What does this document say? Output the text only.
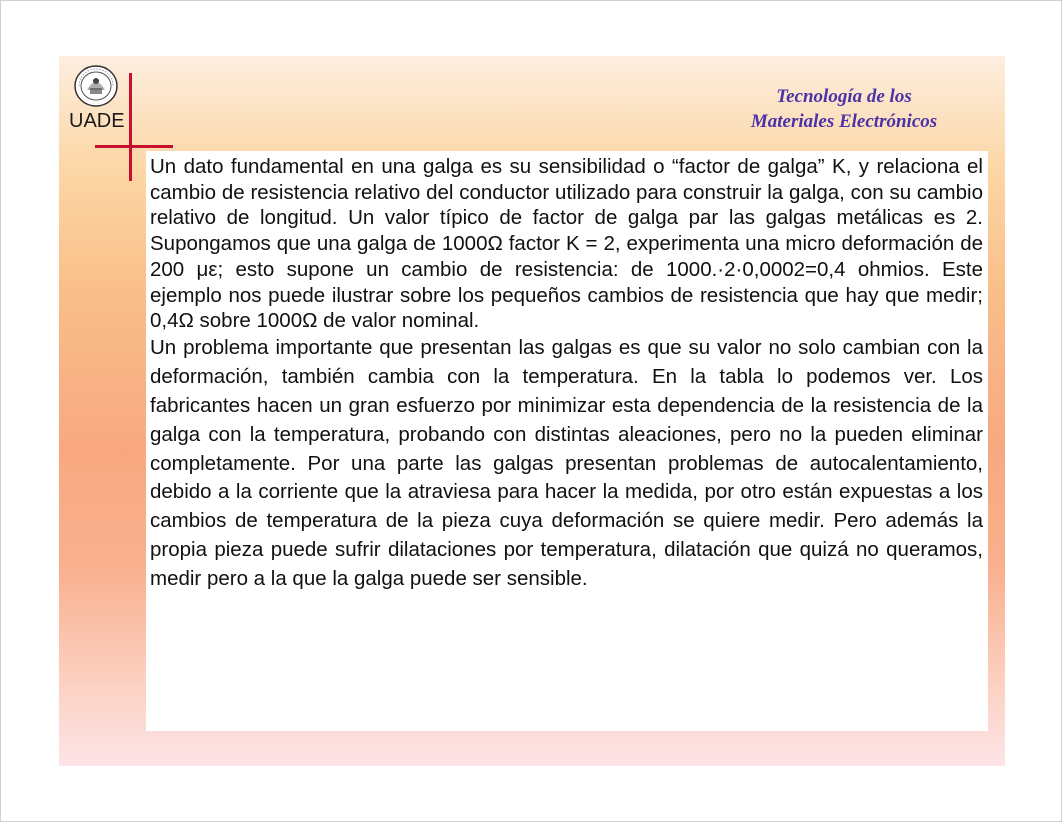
UADE
Tecnología de los
Materiales Electrónicos

Un dato fundamental en una galga es su sensibilidad o “factor de galga” K, y relaciona el cambio de resistencia relativo del conductor utilizado para construir la galga, con su cambio relativo de longitud. Un valor típico de factor de galga par las galgas metálicas es 2. Supongamos que una galga de 1000Ω factor K = 2, experimenta una micro deformación de 200 με; esto supone un cambio de resistencia: de 1000.·2·0,0002=0,4 ohmios. Este ejemplo nos puede ilustrar sobre los pequeños cambios de resistencia que hay que medir; 0,4Ω sobre 1000Ω de valor nominal.

Un problema importante que presentan las galgas es que su valor no solo cambian con la deformación, también cambia con la temperatura. En la tabla lo podemos ver. Los fabricantes hacen un gran esfuerzo por minimizar esta dependencia de la resistencia de la galga con la temperatura, probando con distintas aleaciones, pero no la pueden eliminar completamente. Por una parte las galgas presentan problemas de autocalentamiento, debido a la corriente que la atraviesa para hacer la medida, por otro están expuestas a los cambios de temperatura de la pieza cuya deformación se quiere medir. Pero además la propia pieza puede sufrir dilataciones por temperatura, dilatación que quizá no queramos, medir pero a la que la galga puede ser sensible.
